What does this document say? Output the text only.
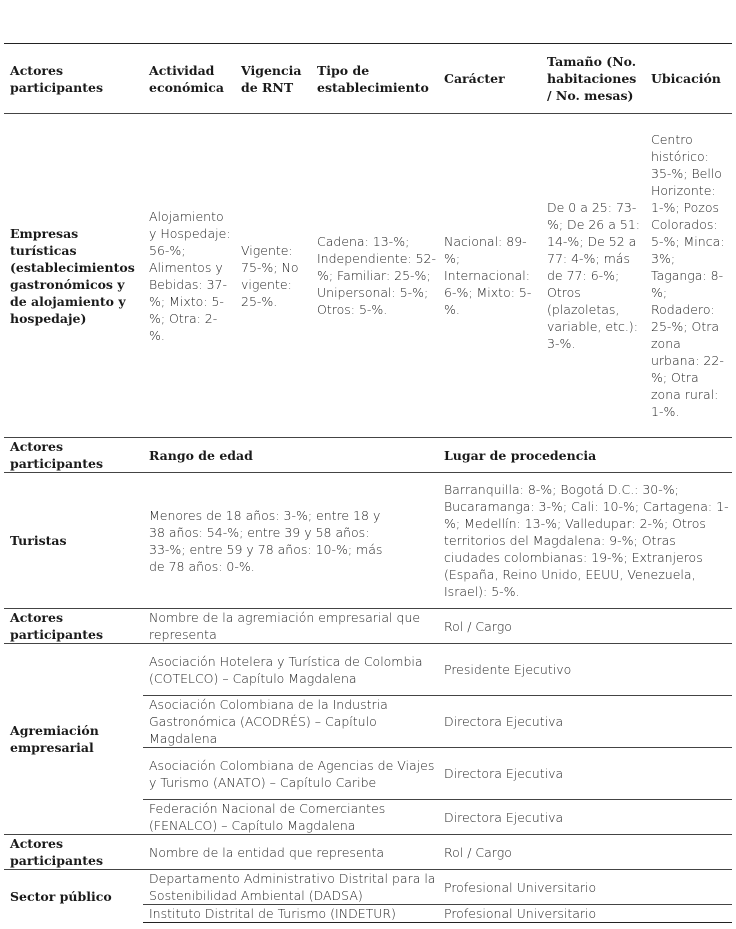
Actores participantes	Actividad económica	Vigencia de RNT	Tipo de establecimiento	Carácter	Tamaño (No. habitaciones / No. mesas)	Ubicación
Empresas turísticas (establecimientos gastronómicos y de alojamiento y hospedaje)	Alojamiento y Hospedaje: 56-%; Alimentos y Bebidas: 37-%; Mixto: 5-%; Otra: 2-%.	Vigente: 75-%; No vigente: 25-%.	Cadena: 13-%; Independiente: 52-%; Familiar: 25-%; Unipersonal: 5-%; Otros: 5-%.	Nacional: 89-%; Internacional: 6-%; Mixto: 5-%.	De 0 a 25: 73-%; De 26 a 51: 14-%; De 52 a 77: 4-%; más de 77: 6-%; Otros (plazoletas, variable, etc.): 3-%.	Centro histórico: 35-%; Bello Horizonte: 1-%; Pozos Colorados: 5-%; Minca: 3%; Taganga: 8-%; Rodadero: 25-%; Otra zona urbana: 22-%; Otra zona rural: 1-%.
Actores participantes	Rango de edad			Lugar de procedencia		
Turistas	Menores de 18 años: 3-%; entre 18 y 38 años: 54-%; entre 39 y 58 años: 33-%; entre 59 y 78 años: 10-%; más de 78 años: 0-%.			Barranquilla: 8-%; Bogotá D.C.: 30-%; Bucaramanga: 3-%; Cali: 10-%; Cartagena: 1-%; Medellín: 13-%; Valledupar: 2-%; Otros territorios del Magdalena: 9-%; Otras ciudades colombianas: 19-%; Extranjeros (España, Reino Unido, EEUU, Venezuela, Israel): 5-%.		
Actores participantes	Nombre de la agremiación empresarial que representa			Rol / Cargo		
Agremiación empresarial	Asociación Hotelera y Turística de Colombia (COTELCO) – Capítulo Magdalena			Presidente Ejecutivo		
	Asociación Colombiana de la Industria Gastronómica (ACODRÉS) – Capítulo Magdalena			Directora Ejecutiva		
	Asociación Colombiana de Agencias de Viajes y Turismo (ANATO) – Capítulo Caribe			Directora Ejecutiva		
	Federación Nacional de Comerciantes (FENALCO) – Capítulo Magdalena			Directora Ejecutiva		
Actores participantes	Nombre de la entidad que representa			Rol / Cargo		
Sector público	Departamento Administrativo Distrital para la Sostenibilidad Ambiental (DADSA)			Profesional Universitario		
	Instituto Distrital de Turismo (INDETUR)			Profesional Universitario		
